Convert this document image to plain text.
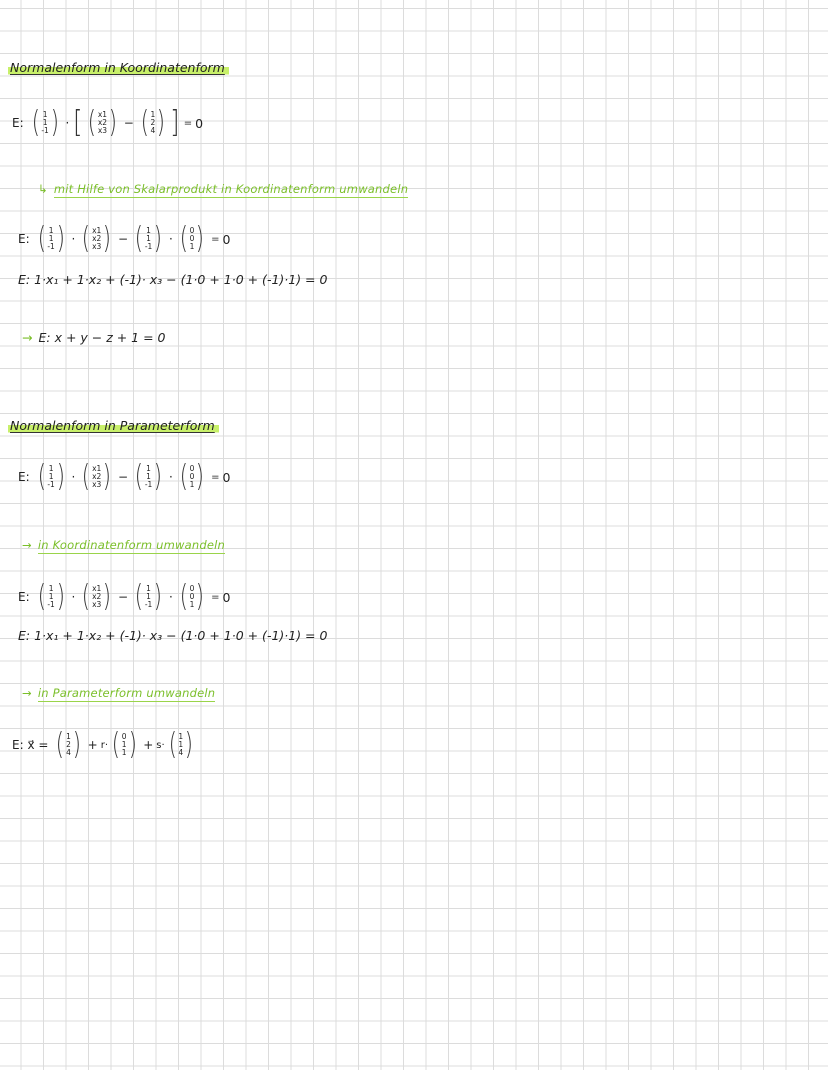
Normalenform in Koordinatenform
E: ( 1
1
-1 ) · [ ( x1
x2
x3 ) − ( 1
2
4 ) ] = 0
↳ mit Hilfe von Skalarprodukt in Koordinatenform umwandeln
E: ( 1
1
-1 ) · ( x1
x2
x3 ) − ( 1
1
-1 ) · ( 0
0
1 ) = 0
E: 1·x₁ + 1·x₂ + (-1)· x₃ − (1·0 + 1·0 + (-1)·1) = 0
→ E: x + y − z + 1 = 0
Normalenform in Parameterform
E: ( 1
1
-1 ) · ( x1
x2
x3 ) − ( 1
1
-1 ) · ( 0
0
1 ) = 0
→ in Koordinatenform umwandeln
E: ( 1
1
-1 ) · ( x1
x2
x3 ) − ( 1
1
-1 ) · ( 0
0
1 ) = 0
E: 1·x₁ + 1·x₂ + (-1)· x₃ − (1·0 + 1·0 + (-1)·1) = 0
→ in Parameterform umwandeln
E: x⃗ = ( 1
2
4 ) + r· ( 0
1
1 ) + s· ( 1
1
4 )
